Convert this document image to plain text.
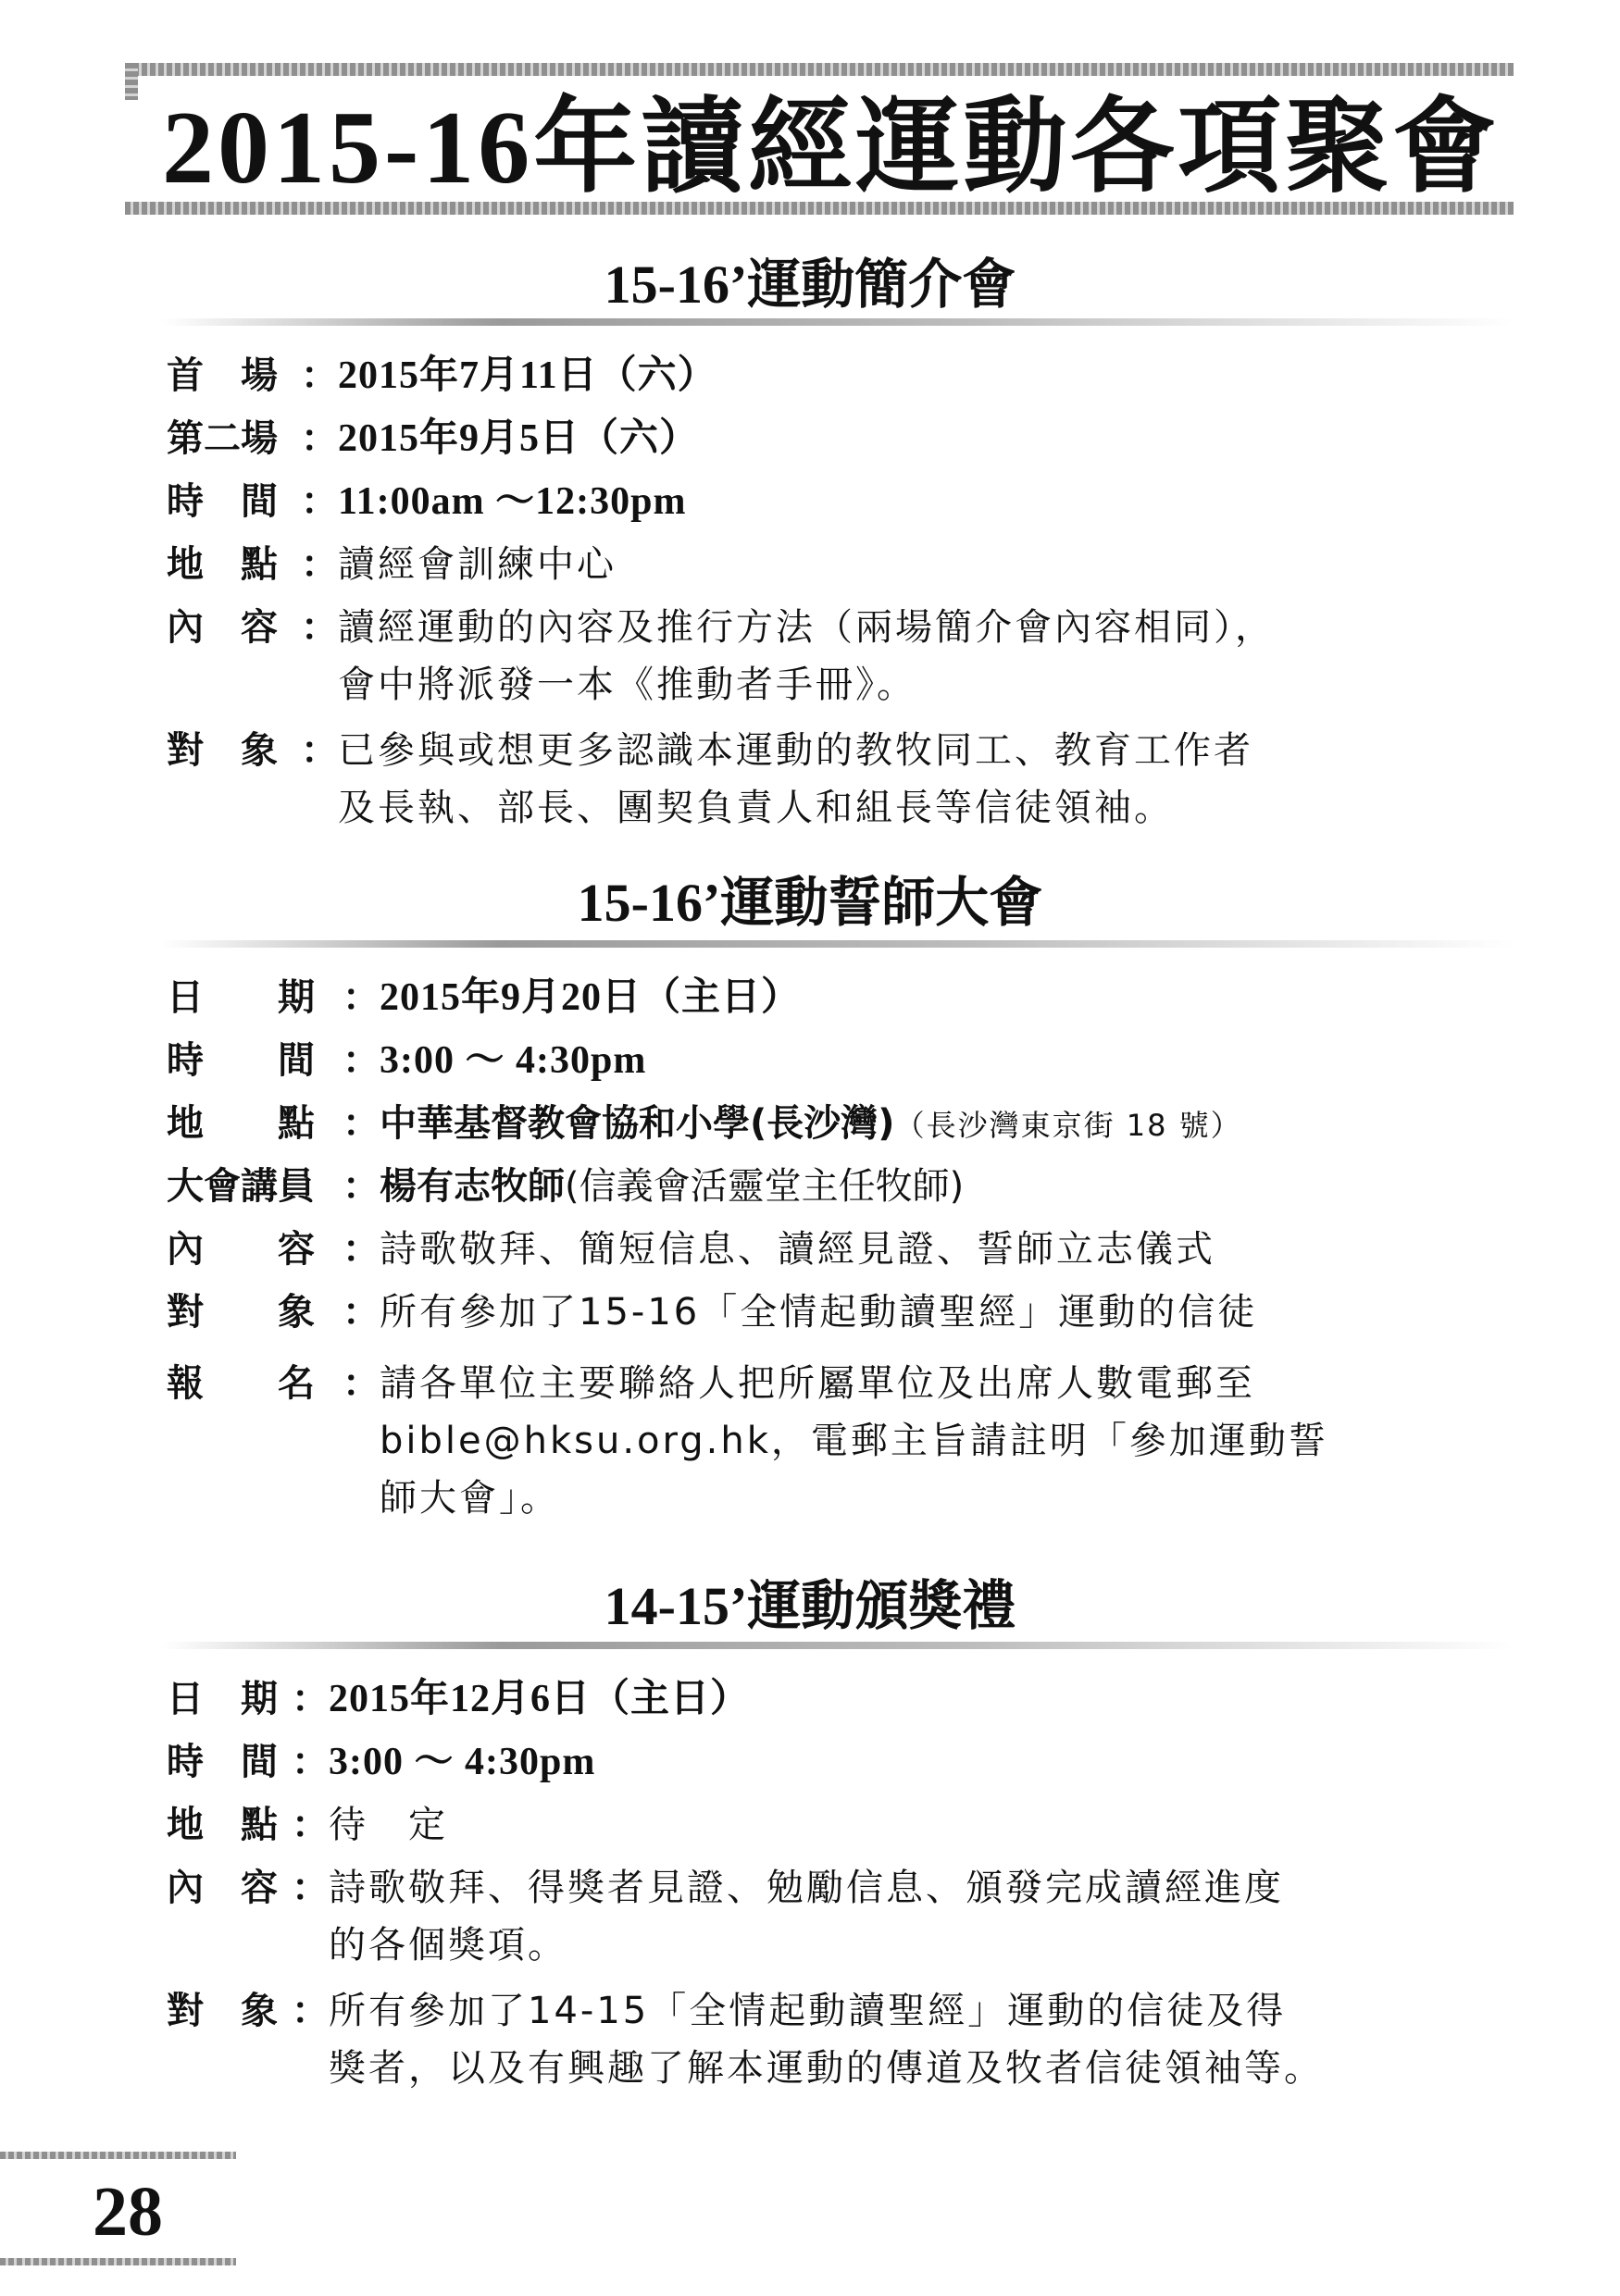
2015-16年讀經運動各項聚會
15-16’運動簡介會
首　場 ： 2015年7月11日（六）
第二場 ： 2015年9月5日（六）
時　間 ： 11:00am ～12:30pm
地　點 ： 讀經會訓練中心
內　容 ： 讀經運動的內容及推行方法（兩場簡介會內容相同），
會中將派發一本《推動者手冊》。
對　象 ： 已參與或想更多認識本運動的教牧同工、教育工作者
及長執、部長、團契負責人和組長等信徒領袖。
15-16’運動誓師大會
日　　期 ： 2015年9月20日（主日）
時　　間 ： 3:00 ～ 4:30pm
地　　點 ： 中華基督教會協和小學(長沙灣)（長沙灣東京街 18 號）
大會講員 ： 楊有志牧師(信義會活靈堂主任牧師)
內　　容 ： 詩歌敬拜、簡短信息、讀經見證、誓師立志儀式
對　　象 ： 所有參加了15-16「全情起動讀聖經」運動的信徒
報　　名 ： 請各單位主要聯絡人把所屬單位及出席人數電郵至
bible@hksu.org.hk，電郵主旨請註明「參加運動誓
師大會」。
14-15’運動頒獎禮
日　期 ： 2015年12月6日（主日）
時　間 ： 3:00 ～ 4:30pm
地　點 ： 待　定
內　容 ： 詩歌敬拜、得獎者見證、勉勵信息、頒發完成讀經進度
的各個獎項。
對　象 ： 所有參加了14-15「全情起動讀聖經」運動的信徒及得
獎者，以及有興趣了解本運動的傳道及牧者信徒領袖等。
28
